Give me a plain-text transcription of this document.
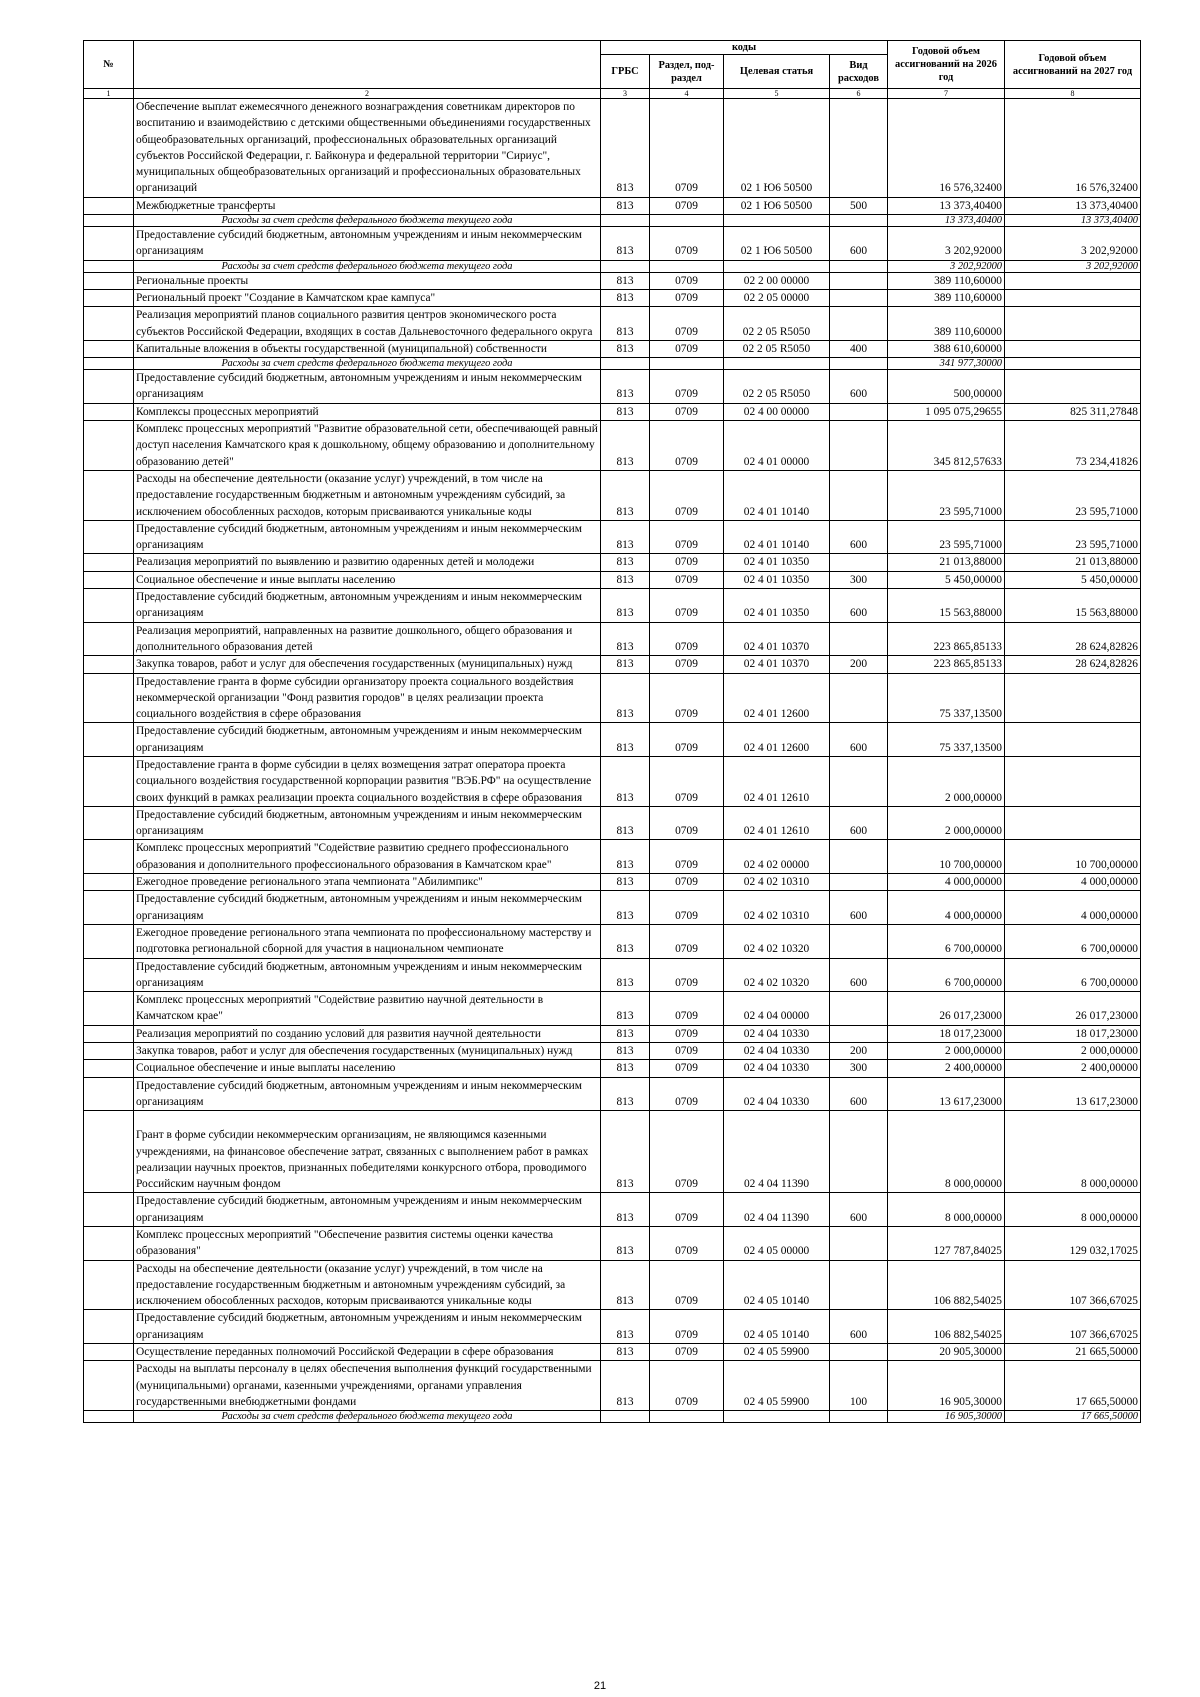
№		коды				Годовой объем ассигнований на 2026 год	Годовой объем ассигнований на 2027 год
		ГРБС	Раздел, под-раздел	Целевая статья	Вид расходов		
1	2	3	4	5	6	7	8
	Обеспечение выплат ежемесячного денежного вознаграждения советникам директоров по воспитанию и взаимодействию с детскими общественными объединениями государственных общеобразовательных организаций, профессиональных образовательных организаций субъектов Российской Федерации, г. Байконура и федеральной территории "Сириус", муниципальных общеобразовательных организаций и профессиональных образовательных организаций	813	0709	02 1 Ю6 50500		16 576,32400	16 576,32400
	Межбюджетные трансферты	813	0709	02 1 Ю6 50500	500	13 373,40400	13 373,40400
	Расходы за счет средств федерального бюджета текущего года					13 373,40400	13 373,40400
	Предоставление субсидий бюджетным, автономным учреждениям и иным некоммерческим организациям	813	0709	02 1 Ю6 50500	600	3 202,92000	3 202,92000
	Расходы за счет средств федерального бюджета текущего года					3 202,92000	3 202,92000
	Региональные проекты	813	0709	02 2 00 00000		389 110,60000	
	Региональный проект "Создание в Камчатском крае кампуса"	813	0709	02 2 05 00000		389 110,60000	
	Реализация мероприятий планов социального развития центров экономического роста субъектов Российской Федерации, входящих в состав Дальневосточного федерального округа	813	0709	02 2 05 R5050		389 110,60000	
	Капитальные вложения в объекты государственной (муниципальной) собственности	813	0709	02 2 05 R5050	400	388 610,60000	
	Расходы за счет средств федерального бюджета текущего года					341 977,30000	
	Предоставление субсидий бюджетным, автономным учреждениям и иным некоммерческим организациям	813	0709	02 2 05 R5050	600	500,00000	
	Комплексы процессных мероприятий	813	0709	02 4 00 00000		1 095 075,29655	825 311,27848
	Комплекс процессных мероприятий "Развитие образовательной сети, обеспечивающей равный доступ населения Камчатского края к дошкольному, общему образованию и дополнительному образованию детей"	813	0709	02 4 01 00000		345 812,57633	73 234,41826
	Расходы на обеспечение деятельности (оказание услуг) учреждений, в том числе на предоставление государственным бюджетным и автономным учреждениям субсидий, за исключением обособленных расходов, которым присваиваются уникальные коды	813	0709	02 4 01 10140		23 595,71000	23 595,71000
	Предоставление субсидий бюджетным, автономным учреждениям и иным некоммерческим организациям	813	0709	02 4 01 10140	600	23 595,71000	23 595,71000
	Реализация мероприятий по выявлению и развитию одаренных детей и молодежи	813	0709	02 4 01 10350		21 013,88000	21 013,88000
	Социальное обеспечение и иные выплаты населению	813	0709	02 4 01 10350	300	5 450,00000	5 450,00000
	Предоставление субсидий бюджетным, автономным учреждениям и иным некоммерческим организациям	813	0709	02 4 01 10350	600	15 563,88000	15 563,88000
	Реализация мероприятий, направленных на развитие дошкольного, общего образования и дополнительного образования детей	813	0709	02 4 01 10370		223 865,85133	28 624,82826
	Закупка товаров, работ и услуг для обеспечения государственных (муниципальных) нужд	813	0709	02 4 01 10370	200	223 865,85133	28 624,82826
	Предоставление гранта в форме субсидии организатору проекта социального воздействия некоммерческой организации "Фонд развития городов" в целях реализации проекта социального воздействия в сфере образования	813	0709	02 4 01 12600		75 337,13500	
	Предоставление субсидий бюджетным, автономным учреждениям и иным некоммерческим организациям	813	0709	02 4 01 12600	600	75 337,13500	
	Предоставление гранта в форме субсидии в целях возмещения затрат оператора проекта социального воздействия государственной корпорации развития "ВЭБ.РФ" на осуществление своих функций в рамках реализации проекта социального воздействия в сфере образования	813	0709	02 4 01 12610		2 000,00000	
	Предоставление субсидий бюджетным, автономным учреждениям и иным некоммерческим организациям	813	0709	02 4 01 12610	600	2 000,00000	
	Комплекс процессных мероприятий "Содействие развитию среднего профессионального образования и дополнительного профессионального образования в Камчатском крае"	813	0709	02 4 02 00000		10 700,00000	10 700,00000
	Ежегодное проведение регионального этапа чемпионата "Абилимпикс"	813	0709	02 4 02 10310		4 000,00000	4 000,00000
	Предоставление субсидий бюджетным, автономным учреждениям и иным некоммерческим организациям	813	0709	02 4 02 10310	600	4 000,00000	4 000,00000
	Ежегодное проведение регионального этапа чемпионата по профессиональному мастерству и подготовка региональной сборной для участия в национальном чемпионате	813	0709	02 4 02 10320		6 700,00000	6 700,00000
	Предоставление субсидий бюджетным, автономным учреждениям и иным некоммерческим организациям	813	0709	02 4 02 10320	600	6 700,00000	6 700,00000
	Комплекс процессных мероприятий "Содействие развитию научной деятельности в Камчатском крае"	813	0709	02 4 04 00000		26 017,23000	26 017,23000
	Реализация мероприятий по созданию условий для развития научной деятельности	813	0709	02 4 04 10330		18 017,23000	18 017,23000
	Закупка товаров, работ и услуг для обеспечения государственных (муниципальных) нужд	813	0709	02 4 04 10330	200	2 000,00000	2 000,00000
	Социальное обеспечение и иные выплаты населению	813	0709	02 4 04 10330	300	2 400,00000	2 400,00000
	Предоставление субсидий бюджетным, автономным учреждениям и иным некоммерческим организациям	813	0709	02 4 04 10330	600	13 617,23000	13 617,23000
	Грант в форме субсидии некоммерческим организациям, не являющимся казенными учреждениями, на финансовое обеспечение затрат, связанных с выполнением работ в рамках реализации научных проектов, признанных победителями конкурсного отбора, проводимого Российским научным фондом	813	0709	02 4 04 11390		8 000,00000	8 000,00000
	Предоставление субсидий бюджетным, автономным учреждениям и иным некоммерческим организациям	813	0709	02 4 04 11390	600	8 000,00000	8 000,00000
	Комплекс процессных мероприятий "Обеспечение развития системы оценки качества образования"	813	0709	02 4 05 00000		127 787,84025	129 032,17025
	Расходы на обеспечение деятельности (оказание услуг) учреждений, в том числе на предоставление государственным бюджетным и автономным учреждениям субсидий, за исключением обособленных расходов, которым присваиваются уникальные коды	813	0709	02 4 05 10140		106 882,54025	107 366,67025
	Предоставление субсидий бюджетным, автономным учреждениям и иным некоммерческим организациям	813	0709	02 4 05 10140	600	106 882,54025	107 366,67025
	Осуществление переданных полномочий Российской Федерации в сфере образования	813	0709	02 4 05 59900		20 905,30000	21 665,50000
	Расходы на выплаты персоналу в целях обеспечения выполнения функций государственными (муниципальными) органами, казенными учреждениями, органами управления государственными внебюджетными фондами	813	0709	02 4 05 59900	100	16 905,30000	17 665,50000
	Расходы за счет средств федерального бюджета текущего года					16 905,30000	17 665,50000
21
